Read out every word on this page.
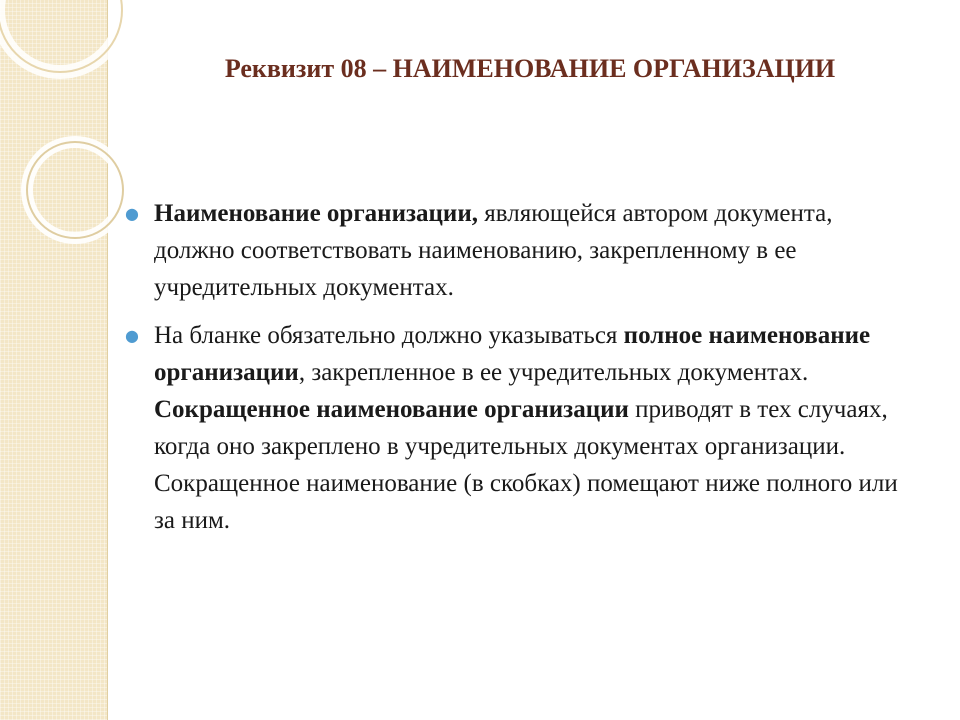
Реквизит 08 – НАИМЕНОВАНИЕ ОРГАНИЗАЦИИ
● Наименование организации, являющейся автором документа, должно соответствовать наименованию, закрепленному в ее учредительных документах.
● На бланке обязательно должно указываться полное наименование организации, закрепленное в ее учредительных документах. Сокращенное наименование организации приводят в тех случаях, когда оно закреплено в учредительных документах организации. Сокращенное наименование (в скобках) помещают ниже полного или за ним.
